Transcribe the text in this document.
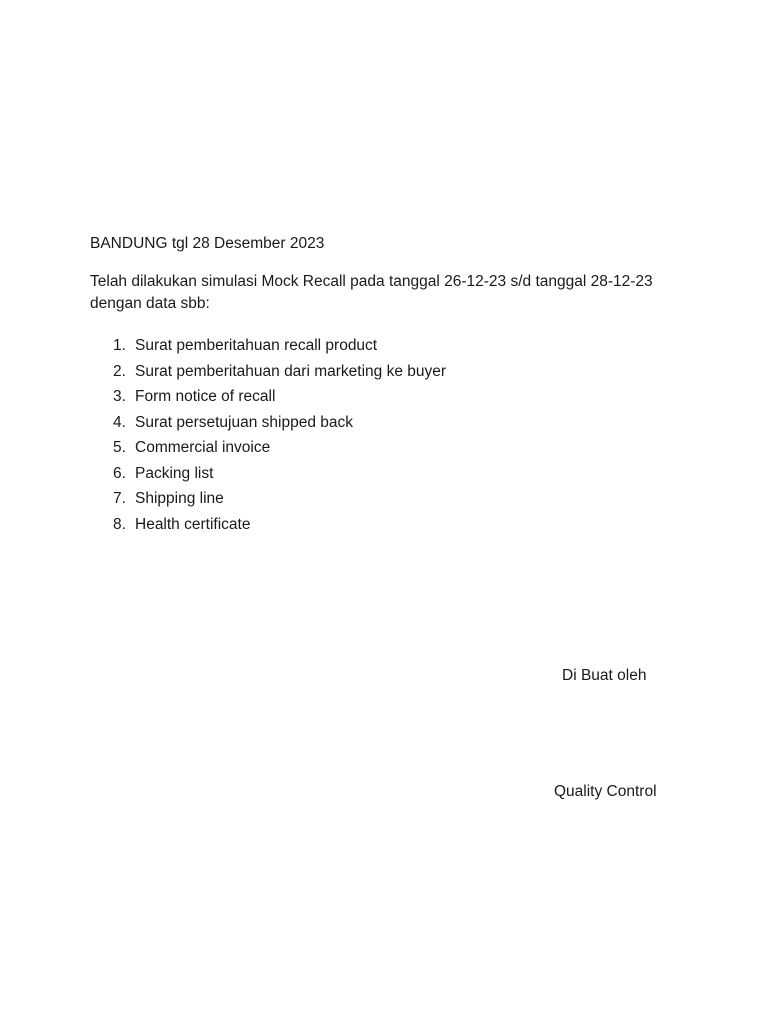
BANDUNG tgl 28 Desember 2023
Telah dilakukan simulasi Mock Recall pada tanggal 26-12-23 s/d tanggal 28-12-23
dengan data sbb:
1. Surat pemberitahuan recall product
2. Surat pemberitahuan dari marketing ke buyer
3. Form notice of recall
4. Surat persetujuan shipped back
5. Commercial invoice
6. Packing list
7. Shipping line
8. Health certificate
Di Buat oleh
Quality Control
